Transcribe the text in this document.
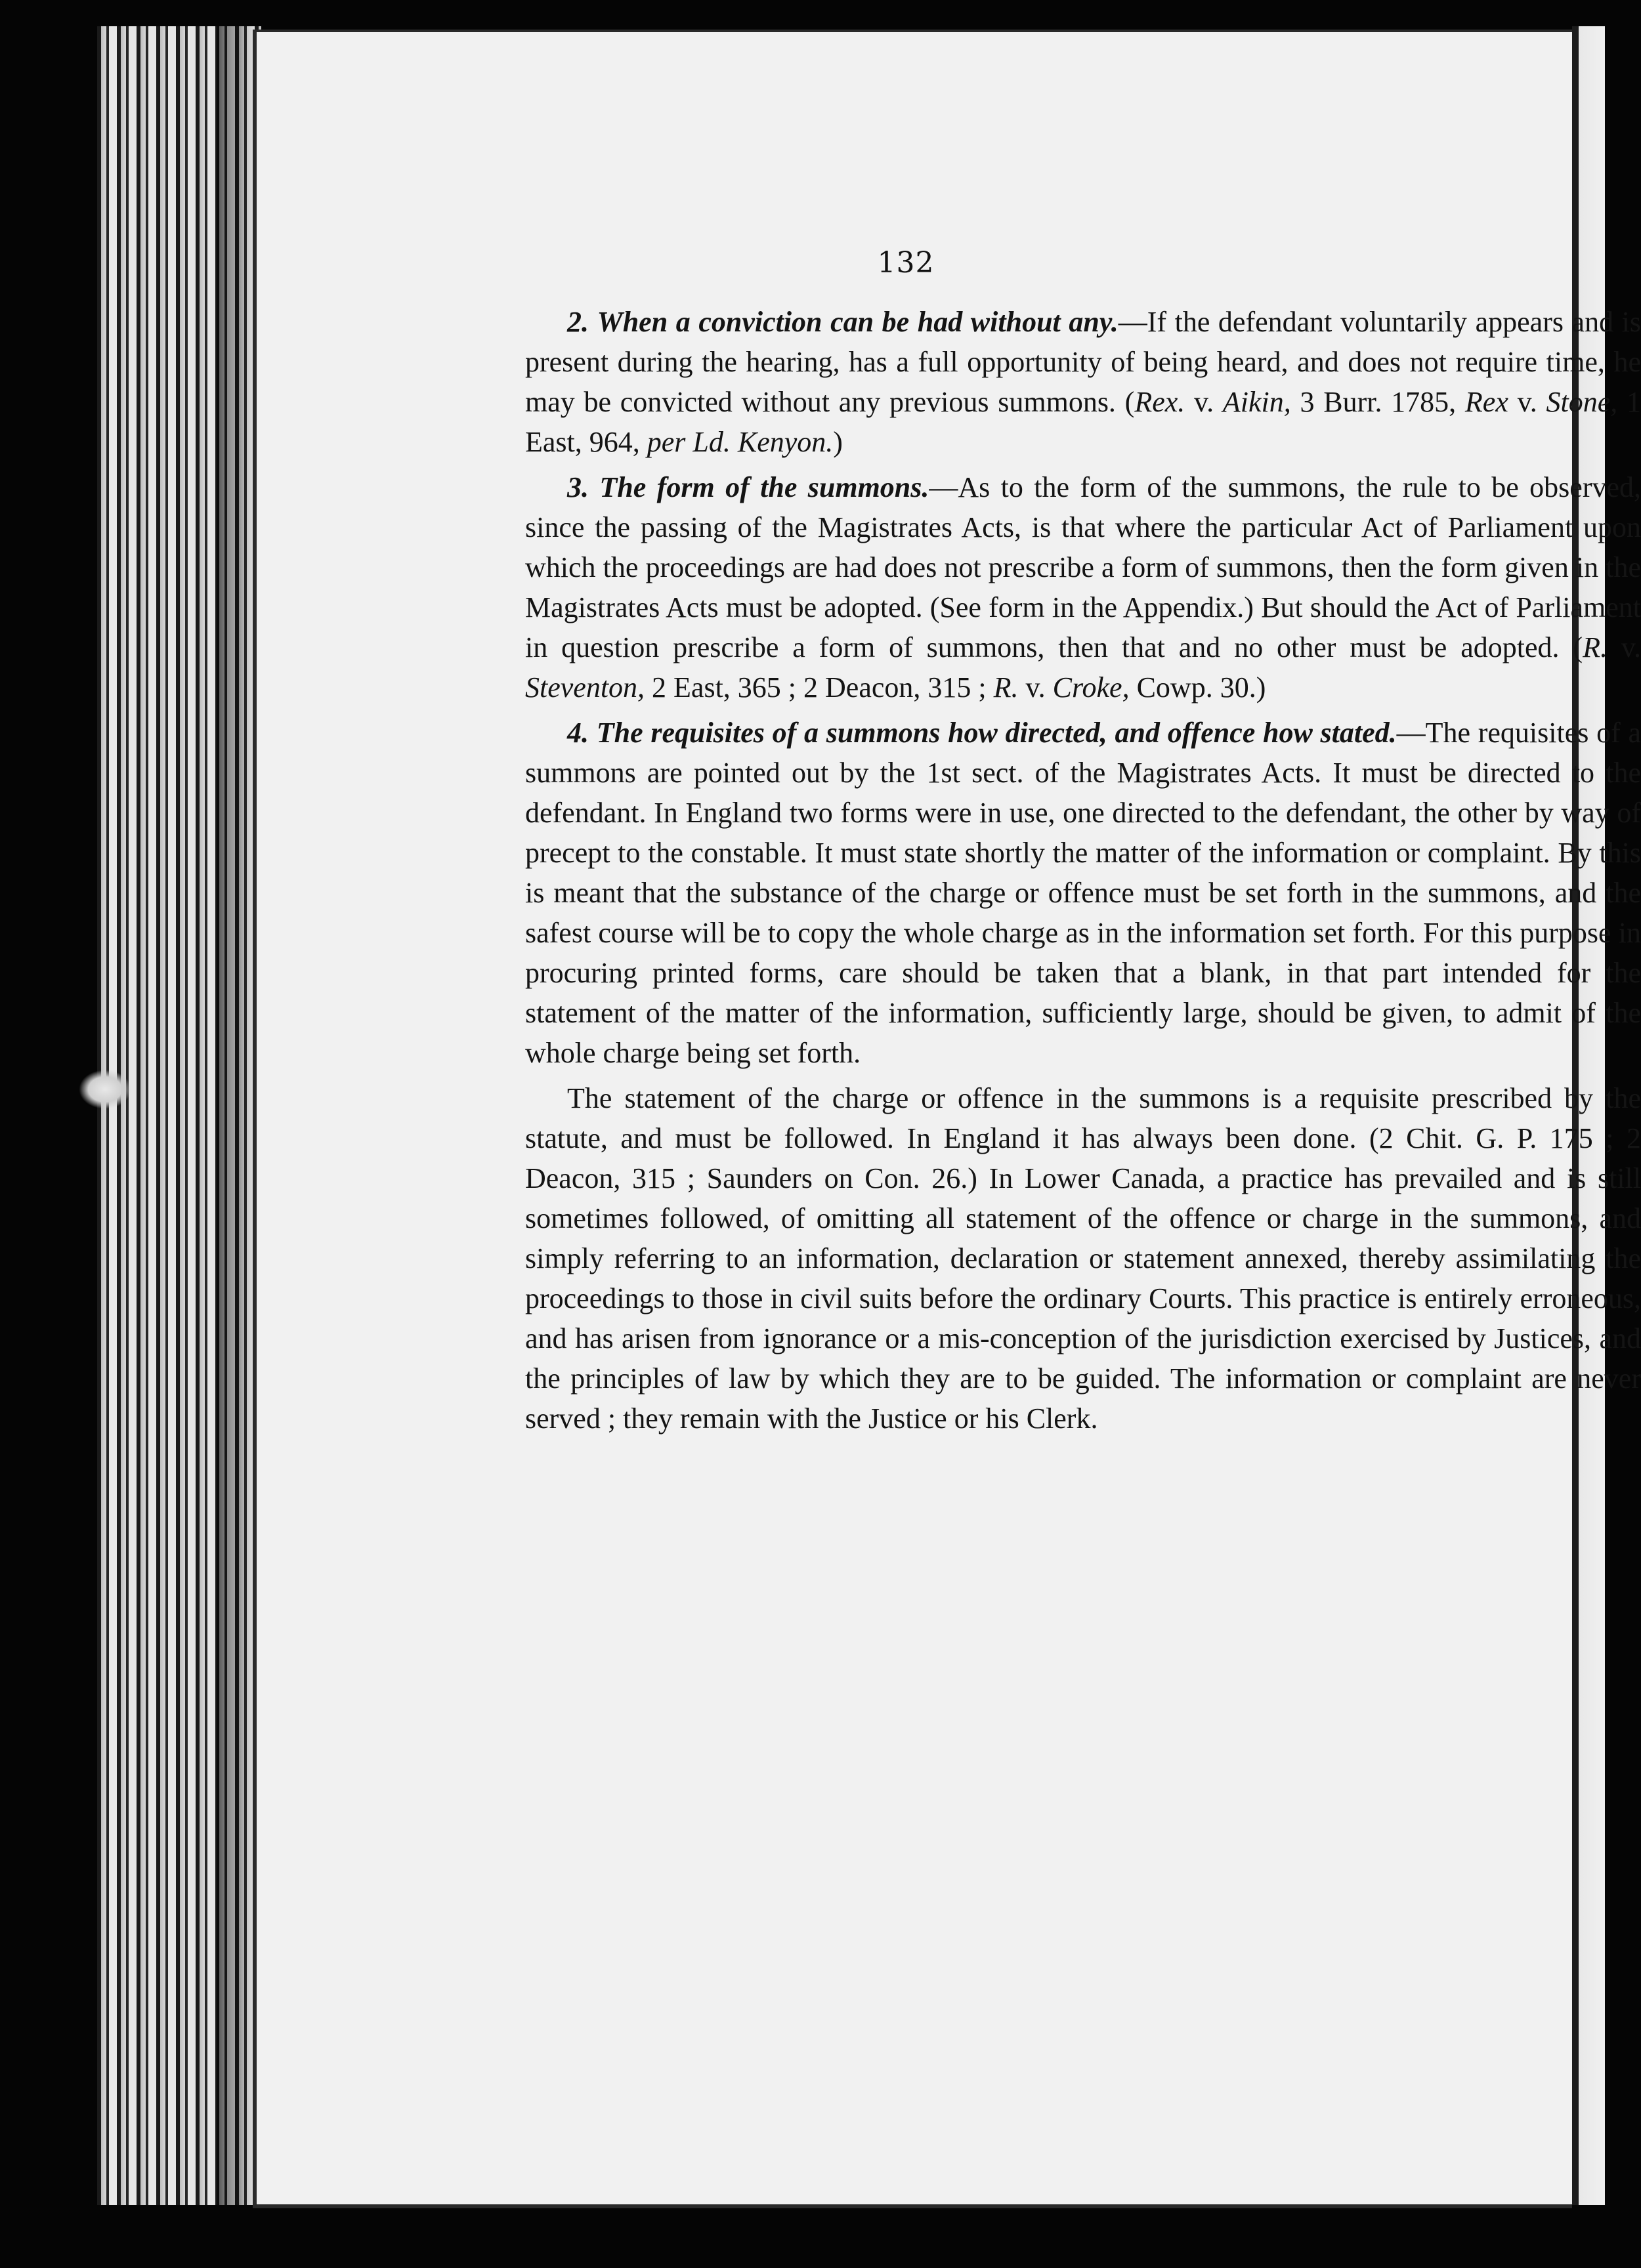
132

2. When a conviction can be had without any.—If the defendant voluntarily appears and is present during the hearing, has a full opportunity of being heard, and does not require time, he may be convicted without any previous summons. (Rex. v. Aikin, 3 Burr. 1785, Rex v. Stone, 1 East, 964, per Ld. Kenyon.)

3. The form of the summons.—As to the form of the summons, the rule to be observed, since the passing of the Magistrates Acts, is that where the particular Act of Parliament upon which the proceedings are had does not prescribe a form of summons, then the form given in the Magistrates Acts must be adopted. (See form in the Appendix.) But should the Act of Parliament in question prescribe a form of summons, then that and no other must be adopted. (R. v. Steventon, 2 East, 365 ; 2 Deacon, 315 ; R. v. Croke, Cowp. 30.)

4. The requisites of a summons how directed, and offence how stated.—The requisites of a summons are pointed out by the 1st sect. of the Magistrates Acts. It must be directed to the defendant. In England two forms were in use, one directed to the defendant, the other by way of precept to the constable. It must state shortly the matter of the information or complaint. By this is meant that the substance of the charge or offence must be set forth in the summons, and the safest course will be to copy the whole charge as in the information set forth. For this purpose in procuring printed forms, care should be taken that a blank, in that part intended for the statement of the matter of the information, sufficiently large, should be given, to admit of the whole charge being set forth.

The statement of the charge or offence in the summons is a requisite prescribed by the statute, and must be followed. In England it has always been done. (2 Chit. G. P. 175 ; 2 Deacon, 315 ; Saunders on Con. 26.) In Lower Canada, a practice has prevailed and is still sometimes followed, of omitting all statement of the offence or charge in the summons, and simply referring to an information, declaration or statement annexed, thereby assimilating the proceedings to those in civil suits before the ordinary Courts. This practice is entirely erroneous, and has arisen from ignorance or a mis-conception of the jurisdiction exercised by Justices, and the principles of law by which they are to be guided. The information or complaint are never served ; they remain with the Justice or his Clerk.
